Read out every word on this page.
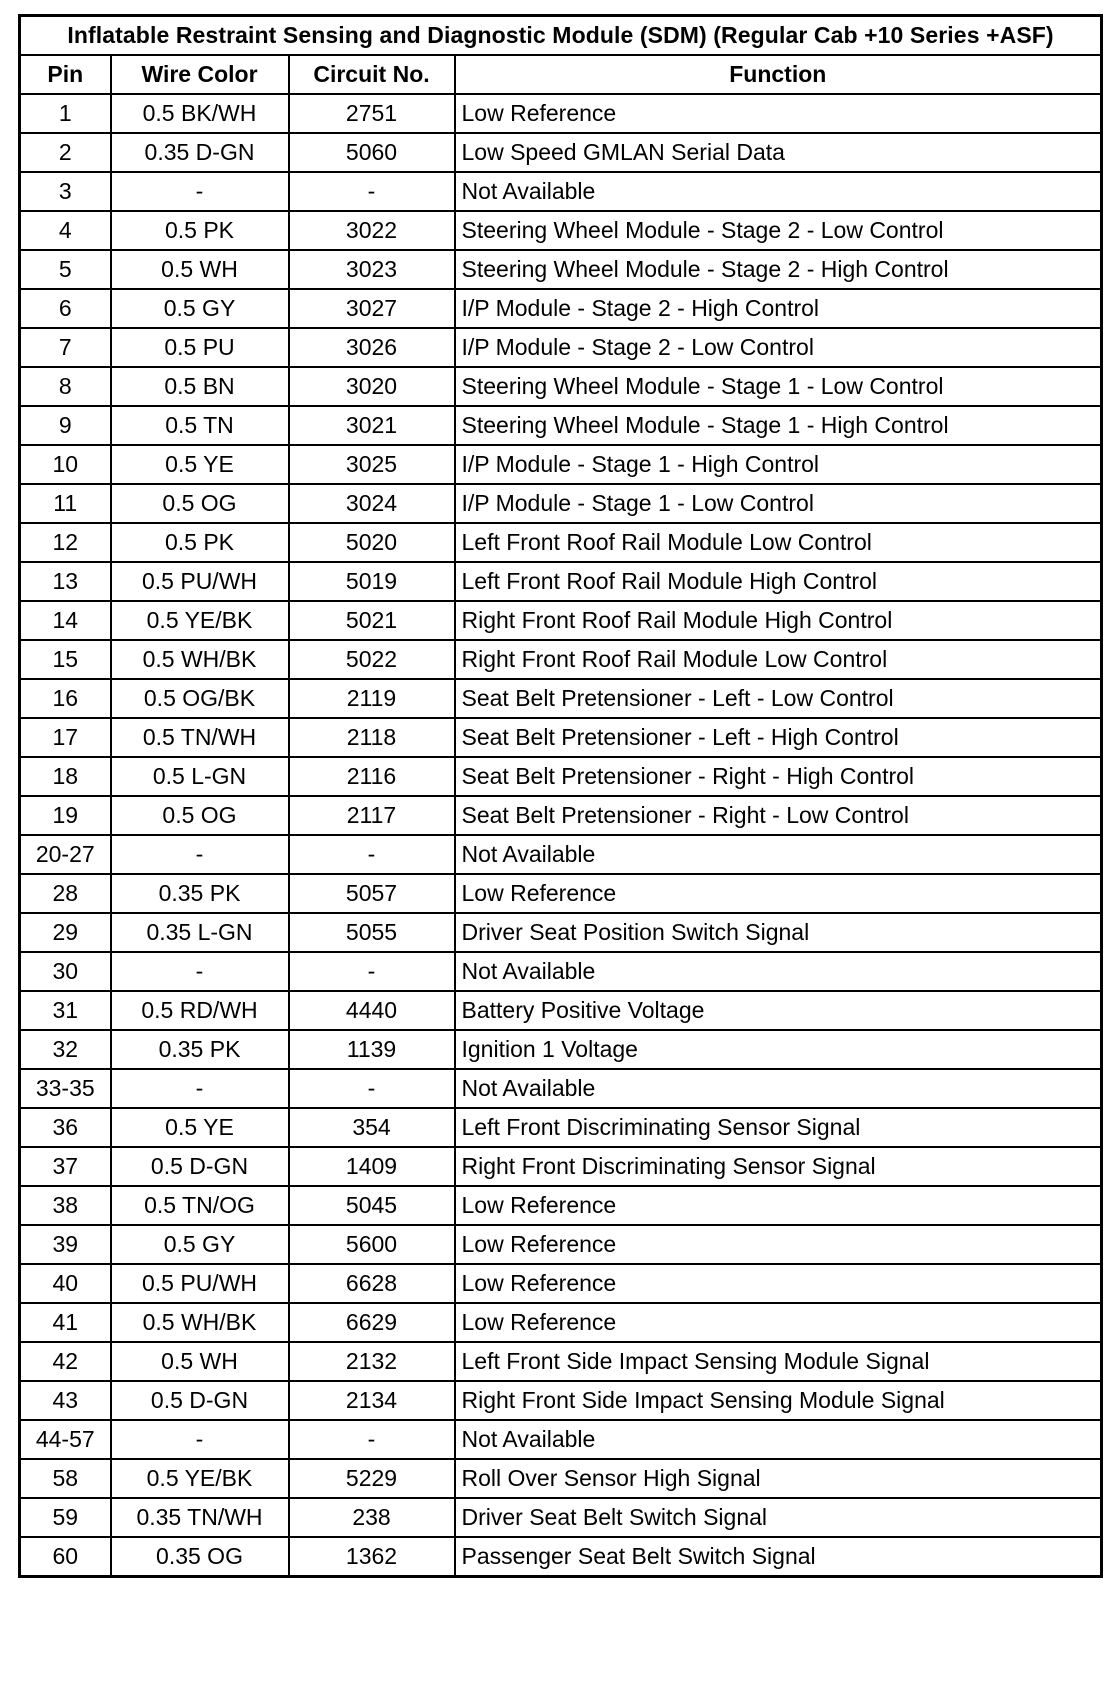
Inflatable Restraint Sensing and Diagnostic Module (SDM) (Regular Cab +10 Series +ASF)			
Pin	Wire Color	Circuit No.	Function
1	0.5 BK/WH	2751	Low Reference
2	0.35 D-GN	5060	Low Speed GMLAN Serial Data
3	-	-	Not Available
4	0.5 PK	3022	Steering Wheel Module - Stage 2 - Low Control
5	0.5 WH	3023	Steering Wheel Module - Stage 2 - High Control
6	0.5 GY	3027	I/P Module - Stage 2 - High Control
7	0.5 PU	3026	I/P Module - Stage 2 - Low Control
8	0.5 BN	3020	Steering Wheel Module - Stage 1 - Low Control
9	0.5 TN	3021	Steering Wheel Module - Stage 1 - High Control
10	0.5 YE	3025	I/P Module - Stage 1 - High Control
11	0.5 OG	3024	I/P Module - Stage 1 - Low Control
12	0.5 PK	5020	Left Front Roof Rail Module Low Control
13	0.5 PU/WH	5019	Left Front Roof Rail Module High Control
14	0.5 YE/BK	5021	Right Front Roof Rail Module High Control
15	0.5 WH/BK	5022	Right Front Roof Rail Module Low Control
16	0.5 OG/BK	2119	Seat Belt Pretensioner - Left - Low Control
17	0.5 TN/WH	2118	Seat Belt Pretensioner - Left - High Control
18	0.5 L-GN	2116	Seat Belt Pretensioner - Right - High Control
19	0.5 OG	2117	Seat Belt Pretensioner - Right - Low Control
20-27	-	-	Not Available
28	0.35 PK	5057	Low Reference
29	0.35 L-GN	5055	Driver Seat Position Switch Signal
30	-	-	Not Available
31	0.5 RD/WH	4440	Battery Positive Voltage
32	0.35 PK	1139	Ignition 1 Voltage
33-35	-	-	Not Available
36	0.5 YE	354	Left Front Discriminating Sensor Signal
37	0.5 D-GN	1409	Right Front Discriminating Sensor Signal
38	0.5 TN/OG	5045	Low Reference
39	0.5 GY	5600	Low Reference
40	0.5 PU/WH	6628	Low Reference
41	0.5 WH/BK	6629	Low Reference
42	0.5 WH	2132	Left Front Side Impact Sensing Module Signal
43	0.5 D-GN	2134	Right Front Side Impact Sensing Module Signal
44-57	-	-	Not Available
58	0.5 YE/BK	5229	Roll Over Sensor High Signal
59	0.35 TN/WH	238	Driver Seat Belt Switch Signal
60	0.35 OG	1362	Passenger Seat Belt Switch Signal
